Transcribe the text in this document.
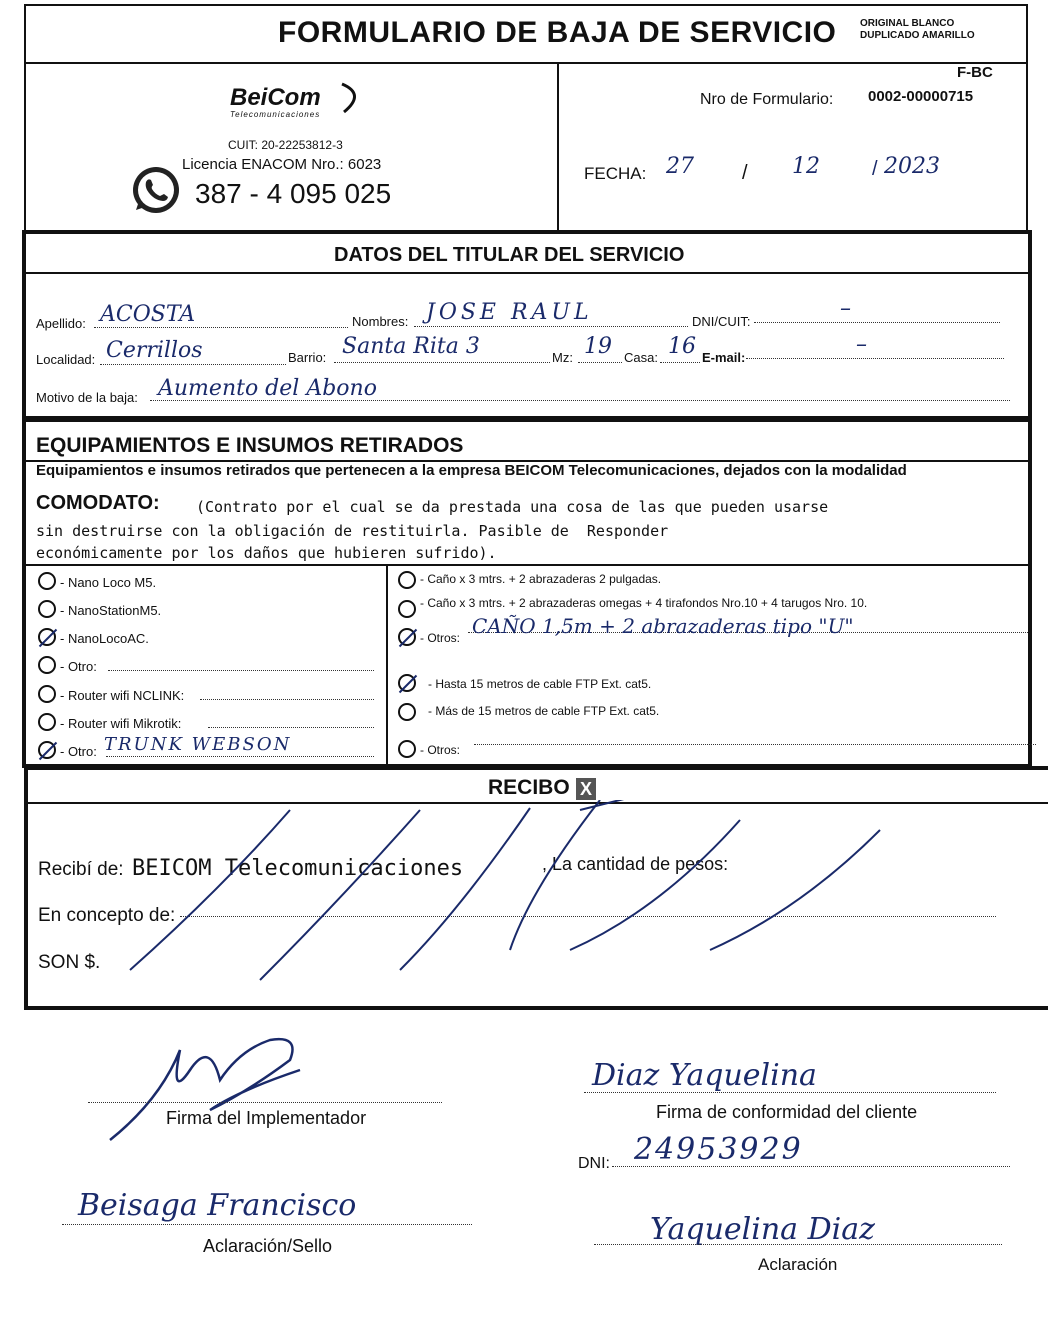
FORMULARIO DE BAJA DE SERVICIO ORIGINAL BLANCO
DUPLICADO AMARILLO
BeiCom
Telecomunicaciones
CUIT: 20-22253812-3
Licencia ENACOM Nro.: 6023
387 - 4 095 025
F-BC
Nro de Formulario: 0002-00000715
FECHA: 27 / 12	/ 2023
DATOS DEL TITULAR DEL SERVICIO
Apellido: ACOSTA	Nombres: JOSE RAUL	DNI/CUIT:
–
Localidad: Cerrillos	Barrio: Santa Rita 3	Mz: 19 Casa: 16 E-mail:
–
Motivo de la baja: Aumento del Abono
EQUIPAMIENTOS E INSUMOS RETIRADOS
Equipamientos e insumos retirados que pertenecen a la empresa BEICOM Telecomunicaciones, dejados con la modalidad
COMODATO: (Contrato por el cual se da prestada una cosa de las que pueden usarse
sin destruirse con la obligación de restituirla. Pasible de  Responder
económicamente por los daños que hubieren sufrido).
- Nano Loco M5.
- NanoStationM5.
- NanoLocoAC.
- Otro:
- Router wifi NCLINK:
- Router wifi Mikrotik:
- Otro: TRUNK WEBSON
- Caño x 3 mtrs. + 2 abrazaderas 2 pulgadas.
- Caño x 3 mtrs. + 2 abrazaderas omegas + 4 tirafondos Nro.10 + 4 tarugos Nro. 10.
- Otros: CAÑO 1,5m + 2 abrazaderas tipo "U"
- Hasta 15 metros de cable FTP Ext. cat5.
- Más de 15 metros de cable FTP Ext. cat5.
- Otros:
RECIBO X
Recibí de: BEICOM Telecomunicaciones	, La cantidad de pesos:
En concepto de:
SON $.
Firma del Implementador
Beisaga Francisco
Aclaración/Sello
Diaz Yaquelina
Firma de conformidad del cliente
DNI: 24953929
Yaquelina Diaz
Aclaración
